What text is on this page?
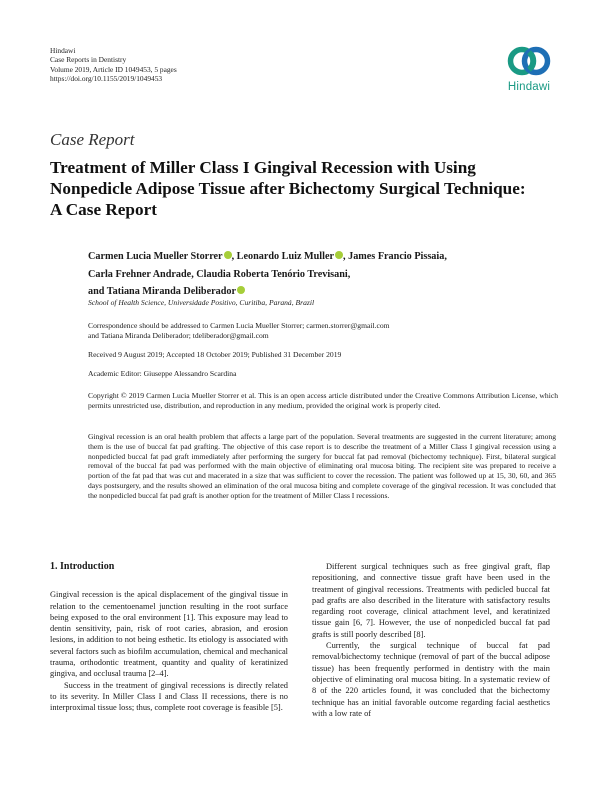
Hindawi
Case Reports in Dentistry
Volume 2019, Article ID 1049453, 5 pages
https://doi.org/10.1155/2019/1049453
Hindawi
Case Report
Treatment of Miller Class I Gingival Recession with Using
Nonpedicle Adipose Tissue after Bichectomy Surgical Technique:
A Case Report
Carmen Lucia Mueller Storrer , Leonardo Luiz Muller , James Francio Pissaia,
Carla Frehner Andrade, Claudia Roberta Tenório Trevisani,
and Tatiana Miranda Deliberador
School of Health Science, Universidade Positivo, Curitiba, Paraná, Brazil
Correspondence should be addressed to Carmen Lucia Mueller Storrer; carmen.storrer@gmail.com
and Tatiana Miranda Deliberador; tdeliberador@gmail.com
Received 9 August 2019; Accepted 18 October 2019; Published 31 December 2019
Academic Editor: Giuseppe Alessandro Scardina
Copyright © 2019 Carmen Lucia Mueller Storrer et al. This is an open access article distributed under the Creative Commons Attribution License, which permits unrestricted use, distribution, and reproduction in any medium, provided the original work is properly cited.
Gingival recession is an oral health problem that affects a large part of the population. Several treatments are suggested in the current literature; among them is the use of buccal fat pad grafting. The objective of this case report is to describe the treatment of a Miller Class I gingival recession using a nonpedicled buccal fat pad graft immediately after performing the surgery for buccal fat pad removal (bichectomy technique). First, bilateral surgical removal of the buccal fat pad was performed with the main objective of eliminating oral mucosa biting. The recipient site was prepared to receive a portion of the fat pad that was cut and macerated in a size that was sufficient to cover the recession. The patient was followed up at 15, 30, 60, and 365 days postsurgery, and the results showed an elimination of the oral mucosa biting and complete coverage of the gingival recession. It was concluded that the nonpedicled buccal fat pad graft is another option for the treatment of Miller Class I recessions.

1. Introduction

Gingival recession is the apical displacement of the gingival tissue in relation to the cementoenamel junction resulting in the root surface being exposed to the oral environment [1]. This exposure may lead to dentin sensitivity, pain, risk of root caries, abrasion, and erosion lesions, in addition to not being esthetic. Its etiology is associated with several factors such as biofilm accumulation, chemical and mechanical trauma, orthodontic treatment, quantity and quality of keratinized gingiva, and occlusal trauma [2–4].

Success in the treatment of gingival recessions is directly related to its severity. In Miller Class I and Class II recessions, there is no interproximal tissue loss; thus, complete root coverage is feasible [5].

Different surgical techniques such as free gingival graft, flap repositioning, and connective tissue graft have been used in the treatment of gingival recessions. Treatments with pedicled buccal fat pad grafts are also described in the literature with satisfactory results regarding root coverage, clinical attachment level, and keratinized tissue gain [6, 7]. However, the use of nonpedicled buccal fat pad grafts is still poorly described [8].

Currently, the surgical technique of buccal fat pad removal/bichectomy technique (removal of part of the buccal adipose tissue) has been frequently performed in dentistry with the main objective of eliminating oral mucosa biting. In a systematic review of 8 of the 220 articles found, it was concluded that the bichectomy technique has an initial favorable outcome regarding facial aesthetics with a low rate of
